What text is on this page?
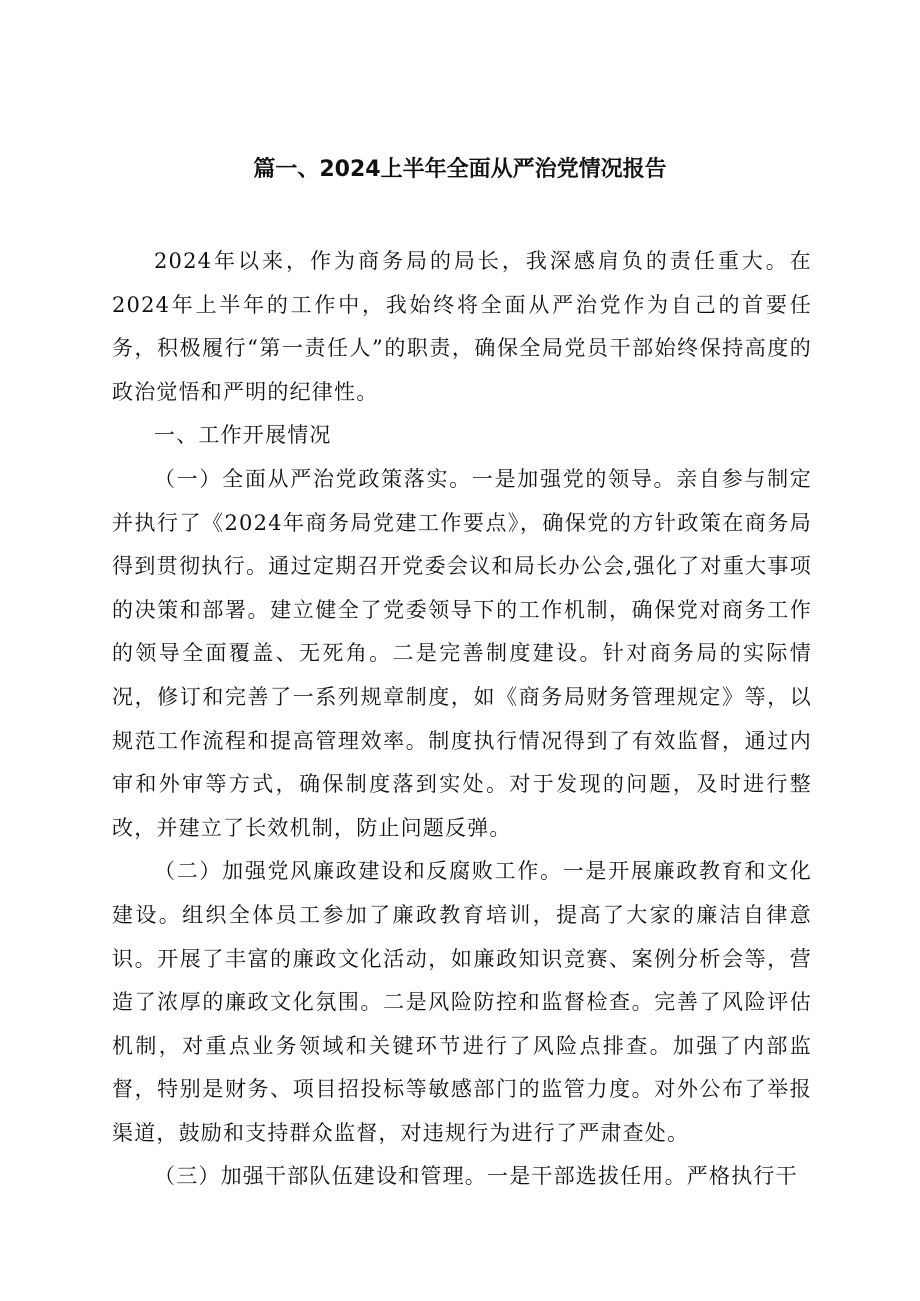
篇一、2024上半年全面从严治党情况报告

2024年以来，作为商务局的局长，我深感肩负的责任重大。在2024年上半年的工作中，我始终将全面从严治党作为自己的首要任务，积极履行“第一责任人”的职责，确保全局党员干部始终保持高度的政治觉悟和严明的纪律性。

一、工作开展情况

（一）全面从严治党政策落实。一是加强党的领导。亲自参与制定并执行了《2024年商务局党建工作要点》，确保党的方针政策在商务局得到贯彻执行。通过定期召开党委会议和局长办公会,强化了对重大事项的决策和部署。建立健全了党委领导下的工作机制，确保党对商务工作的领导全面覆盖、无死角。二是完善制度建设。针对商务局的实际情况，修订和完善了一系列规章制度，如《商务局财务管理规定》等，以规范工作流程和提高管理效率。制度执行情况得到了有效监督，通过内审和外审等方式，确保制度落到实处。对于发现的问题，及时进行整改，并建立了长效机制，防止问题反弹。

（二）加强党风廉政建设和反腐败工作。一是开展廉政教育和文化建设。组织全体员工参加了廉政教育培训，提高了大家的廉洁自律意识。开展了丰富的廉政文化活动，如廉政知识竞赛、案例分析会等，营造了浓厚的廉政文化氛围。二是风险防控和监督检查。完善了风险评估机制，对重点业务领域和关键环节进行了风险点排查。加强了内部监督，特别是财务、项目招投标等敏感部门的监管力度。对外公布了举报渠道，鼓励和支持群众监督，对违规行为进行了严肃查处。

（三）加强干部队伍建设和管理。一是干部选拔任用。严格执行干
